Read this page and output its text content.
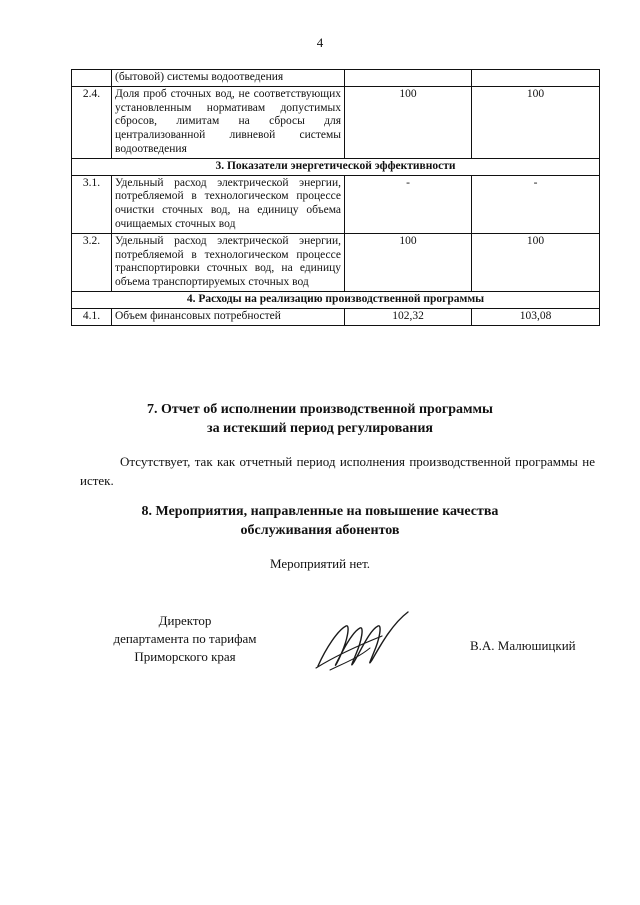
4
	(бытовой) системы водоотведения		
2.4.	Доля проб сточных вод, не соответствующих установленным нормативам допустимых сбросов, лимитам на сбросы для централизованной ливневой системы водоотведения	100	100
3. Показатели энергетической эффективности			
3.1.	Удельный расход электрической энергии, потребляемой в технологическом процессе очистки сточных вод, на единицу объема очищаемых сточных вод	-	-
3.2.	Удельный расход электрической энергии, потребляемой в технологическом процессе транспортировки сточных вод, на единицу объема транспортируемых сточных вод	100	100
4. Расходы на реализацию производственной программы			
4.1.	Объем финансовых потребностей	102,32	103,08
7. Отчет об исполнении производственной программы
за истекший период регулирования
Отсутствует, так как отчетный период исполнения производственной программы не истек.
8. Мероприятия, направленные на повышение качества
обслуживания абонентов
Мероприятий нет.
Директор
департамента по тарифам
Приморского края
В.А. Малюшицкий
